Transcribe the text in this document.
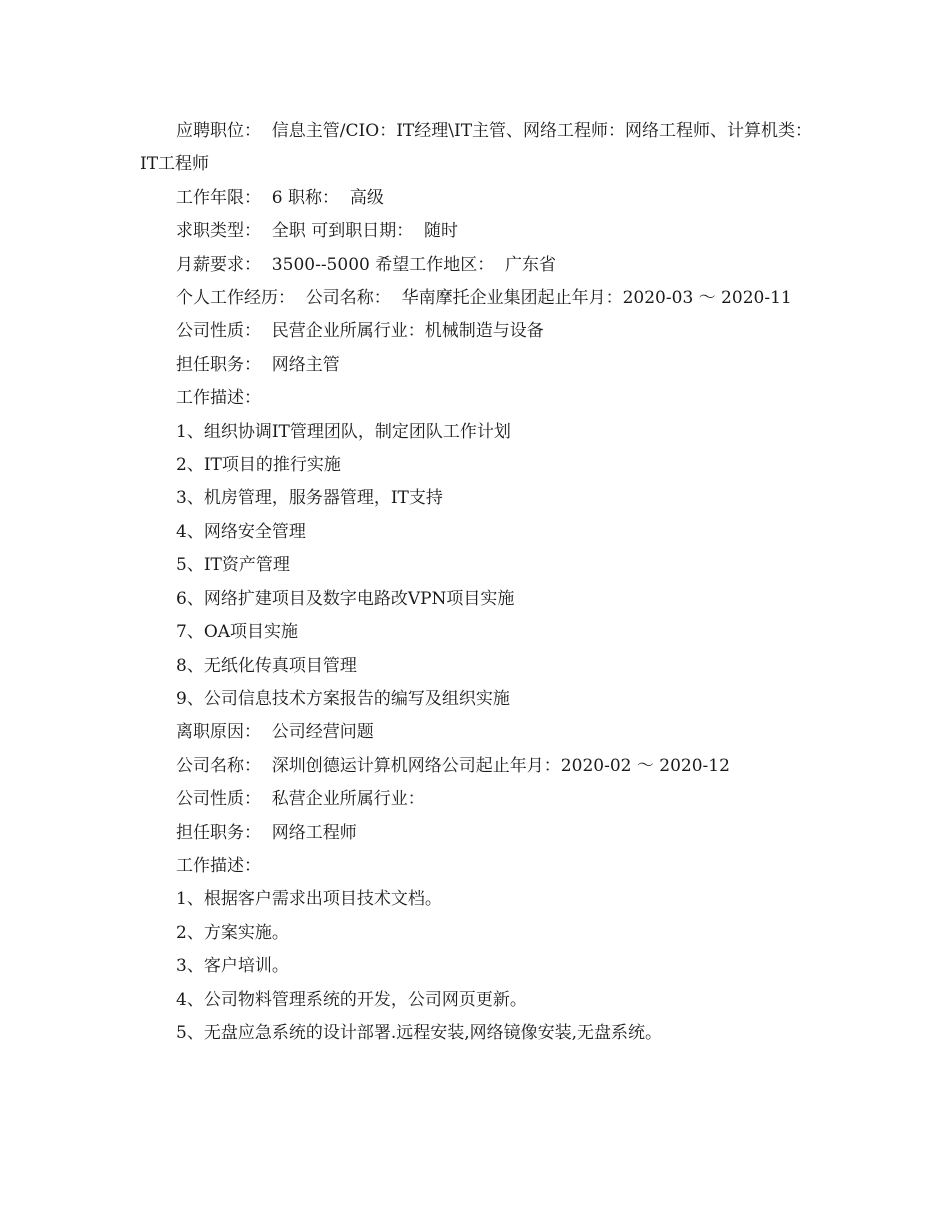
应聘职位：  信息主管/CIO：IT经理\IT主管、网络工程师：网络工程师、计算机类：IT工程师

工作年限：  6 职称：  高级

求职类型：  全职 可到职日期：  随时

月薪要求：  3500--5000 希望工作地区：  广东省

个人工作经历：  公司名称：  华南摩托企业集团起止年月：2020-03 ～ 2020-11

公司性质：  民营企业所属行业：机械制造与设备

担任职务：  网络主管

工作描述：

1、组织协调IT管理团队，制定团队工作计划

2、IT项目的推行实施

3、机房管理，服务器管理，IT支持

4、网络安全管理

5、IT资产管理

6、网络扩建项目及数字电路改VPN项目实施

7、OA项目实施

8、无纸化传真项目管理

9、公司信息技术方案报告的编写及组织实施

离职原因：  公司经营问题

公司名称：  深圳创德运计算机网络公司起止年月：2020-02 ～ 2020-12

公司性质：  私营企业所属行业：

担任职务：  网络工程师

工作描述：

1、根据客户需求出项目技术文档。

2、方案实施。

3、客户培训。

4、公司物料管理系统的开发，公司网页更新。

5、无盘应急系统的设计部署.远程安装,网络镜像安装,无盘系统。
